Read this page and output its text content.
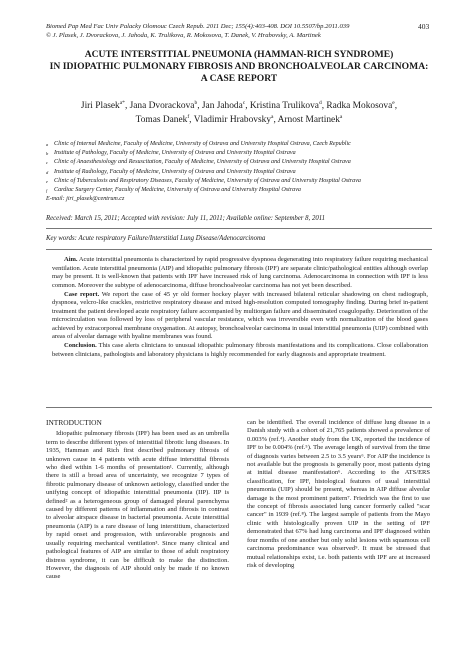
Biomed Pap Med Fac Univ Palacky Olomouc Czech Repub. 2011 Dec; 155(4):403-408. DOI 10.5507/bp.2011.039
© J. Plasek, J. Dvorackova, J. Jahoda, K. Trulikova, R. Mokosova, T. Danek, V. Hrabovsky, A. Martinek
403
ACUTE INTERSTITIAL PNEUMONIA (HAMMAN-RICH SYNDROME)
IN IDIOPATHIC PULMONARY FIBROSIS AND BRONCHOALVEOLAR CARCINOMA:
A CASE REPORT
Jiri Plasek$^{a*}$, Jana Dvorackova$^b$, Jan Jahoda$^c$, Kristina Trulikova$^d$, Radka Mokosova$^e$,
Tomas Danek$^f$, Vladimir Hrabovsky$^a$, Arnost Martinek$^a$
a Clinic of Internal Medicine, Faculty of Medicine, University of Ostrava and University Hospital Ostrava, Czech Republic
b Institute of Pathology, Faculty of Medicine, University of Ostrava and University Hospital Ostrava
c Clinic of Anaesthesiology and Resuscitation, Faculty of Medicine, University of Ostrava and University Hospital Ostrava
d Institute of Radiology, Faculty of Medicine, University of Ostrava and University Hospital Ostrava
e Clinic of Tuberculosis and Respiratory Diseases, Faculty of Medicine, University of Ostrava and University Hospital Ostrava
f	Cardiac Surgery Center, Faculty of Medicine, University of Ostrava and University Hospital Ostrava
E-mail: jiri_plasek@centrum.cz
Received: March 15, 2011; Accepted with revision: July 11, 2011; Available online: September 8, 2011
Key words: Acute respiratory Failure/Interstitial Lung Disease/Adenocarcinoma

Aim. Acute interstitial pneumonia is characterized by rapid progressive dyspnoea degenerating into respiratory failure requiring mechanical ventilation. Acute interstitial pneumonia (AIP) and idiopathic pulmonary fibrosis (IPF) are separate clinic/pathological entities although overlap may be present. It is well-known that patients with IPF have increased risk of lung carcinoma. Adenocarcinoma in connection with IPF is less common. Moreover the subtype of adenocarcinoma, diffuse bronchoalveolar carcinoma has not yet been described.

Case report. We report the case of 45 yr old former hockey player with increased bilateral reticular shadowing on chest radiograph, dyspnoea, velcro-like crackles, restrictive respiratory disease and mixed high-resolution computed tomography finding. During brief in-patient treatment the patient developed acute respiratory failure accompanied by multiorgan failure and disseminated coagulopathy. Deterioration of the microcirculation was followed by loss of peripheral vascular resistance, which was irreversible even with normalization of the blood gases achieved by extracorporeal membrane oxygenation. At autopsy, bronchoalveolar carcinoma in usual interstitial pneumonia (UIP) combined with areas of alveolar damage with hyaline membranes was found.

Conclusion. This case alerts clinicians to unusual idiopathic pulmonary fibrosis manifestations and its complications. Close collaboration between clinicians, pathologists and laboratory physicians is highly recommended for early diagnosis and appropriate treatment.

INTRODUCTION

Idiopathic pulmonary fibrosis (IPF) has been used as an umbrella term to describe different types of interstitial fibrotic lung diseases. In 1935, Hamman and Rich first described pulmonary fibrosis of unknown cause in 4 patients with acute diffuse interstitial fibrosis who died within 1-6 months of presentation¹. Currently, although there is still a broad area of uncertainty, we recognize 7 types of fibrotic pulmonary disease of unknown aetiology, classified under the unifying concept of idiopathic interstitial pneumonia (IIP). IIP is defined² as a heterogeneous group of damaged pleural parenchyma caused by different patterns of inflammation and fibrosis in contrast to alveolar airspace disease in bacterial pneumonia. Acute interstitial pneumonia (AIP) is a rare disease of lung interstitium, characterized by rapid onset and progression, with unfavorable prognosis and usually requiring mechanical ventilation³. Since many clinical and pathological features of AIP are similar to those of adult respiratory distress syndrome, it can be difficult to make the distinction. However, the diagnosis of AIP should only be made if no known cause

can be identified. The overall incidence of diffuse lung disease in a Danish study with a cohort of 21,765 patients showed a prevalence of 0.003% (ref.⁴). Another study from the UK, reported the incidence of IPF to be 0.004% (ref.⁵). The average length of survival from the time of diagnosis varies between 2.5 to 3.5 years⁶. For AIP the incidence is not available but the prognosis is generally poor, most patients dying at initial disease manifestation⁶. According to the ATS/ERS classification, for IPF, histological features of usual interstitial pneumonia (UIP) should be present, whereas in AIP diffuse alveolar damage is the most prominent pattern⁷. Friedrich was the first to use the concept of fibrosis associated lung cancer formerly called "scar cancer" in 1939 (ref.⁸). The largest sample of patients from the Mayo clinic with histologically proven UIP in the setting of IPF demonstrated that 67% had lung carcinoma and IPF diagnosed within four months of one another but only solid lesions with squamous cell carcinoma predominance was observed⁹. It must be stressed that mutual relationships exist, i.e. both patients with IPF are at increased risk of developing
